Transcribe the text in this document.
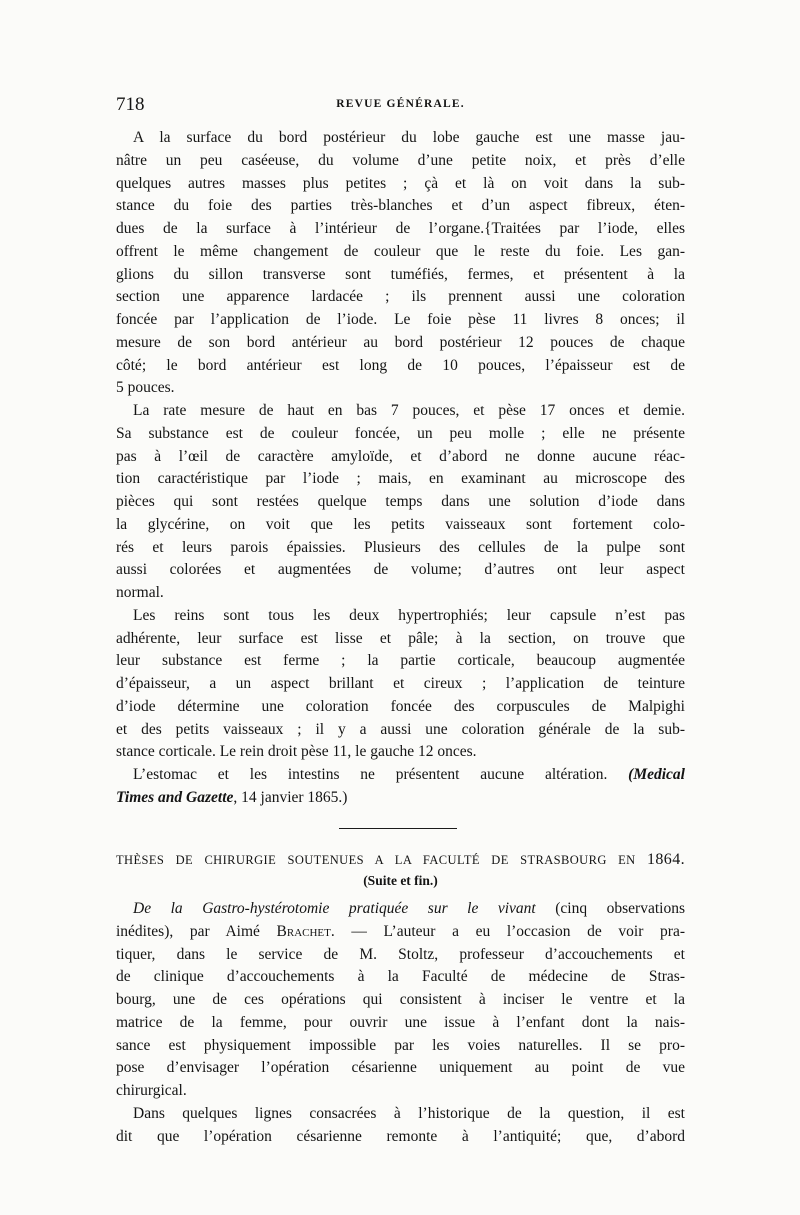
718	REVUE GÉNÉRALE.
A la surface du bord postérieur du lobe gauche est une masse jau-
nâtre un peu caséeuse, du volume d’une petite noix, et près d’elle
quelques autres masses plus petites ; çà et là on voit dans la sub-
stance du foie des parties très-blanches et d’un aspect fibreux, éten-
dues de la surface à l’intérieur de l’organe.{Traitées par l’iode, elles
offrent le même changement de couleur que le reste du foie. Les gan-
glions du sillon transverse sont tuméfiés, fermes, et présentent à la
section une apparence lardacée ; ils prennent aussi une coloration
foncée par l’application de l’iode. Le foie pèse 11 livres 8 onces; il
mesure de son bord antérieur au bord postérieur 12 pouces de chaque
côté; le bord antérieur est long de 10 pouces, l’épaisseur est de
5 pouces.
La rate mesure de haut en bas 7 pouces, et pèse 17 onces et demie.
Sa substance est de couleur foncée, un peu molle ; elle ne présente
pas à l’œil de caractère amyloïde, et d’abord ne donne aucune réac-
tion caractéristique par l’iode ; mais, en examinant au microscope des
pièces qui sont restées quelque temps dans une solution d’iode dans
la glycérine, on voit que les petits vaisseaux sont fortement colo-
rés et leurs parois épaissies. Plusieurs des cellules de la pulpe sont
aussi colorées et augmentées de volume; d’autres ont leur aspect
normal.
Les reins sont tous les deux hypertrophiés; leur capsule n’est pas
adhérente, leur surface est lisse et pâle; à la section, on trouve que
leur substance est ferme ; la partie corticale, beaucoup augmentée
d’épaisseur, a un aspect brillant et cireux ; l’application de teinture
d’iode détermine une coloration foncée des corpuscules de Malpighi
et des petits vaisseaux ; il y a aussi une coloration générale de la sub-
stance corticale. Le rein droit pèse 11, le gauche 12 onces.
L’estomac et les intestins ne présentent aucune altération. (Medical
Times and Gazette, 14 janvier 1865.)
THÈSES DE CHIRURGIE SOUTENUES A LA FACULTÉ DE STRASBOURG EN 1864.
(Suite et fin.)
De la Gastro-hystérotomie pratiquée sur le vivant (cinq observations
inédites), par Aimé Brachet. — L’auteur a eu l’occasion de voir pra-
tiquer, dans le service de M. Stoltz, professeur d’accouchements et
de clinique d’accouchements à la Faculté de médecine de Stras-
bourg, une de ces opérations qui consistent à inciser le ventre et la
matrice de la femme, pour ouvrir une issue à l’enfant dont la nais-
sance est physiquement impossible par les voies naturelles. Il se pro-
pose d’envisager l’opération césarienne uniquement au point de vue
chirurgical.
Dans quelques lignes consacrées à l’historique de la question, il est
dit que l’opération césarienne remonte à l’antiquité; que, d’abord
